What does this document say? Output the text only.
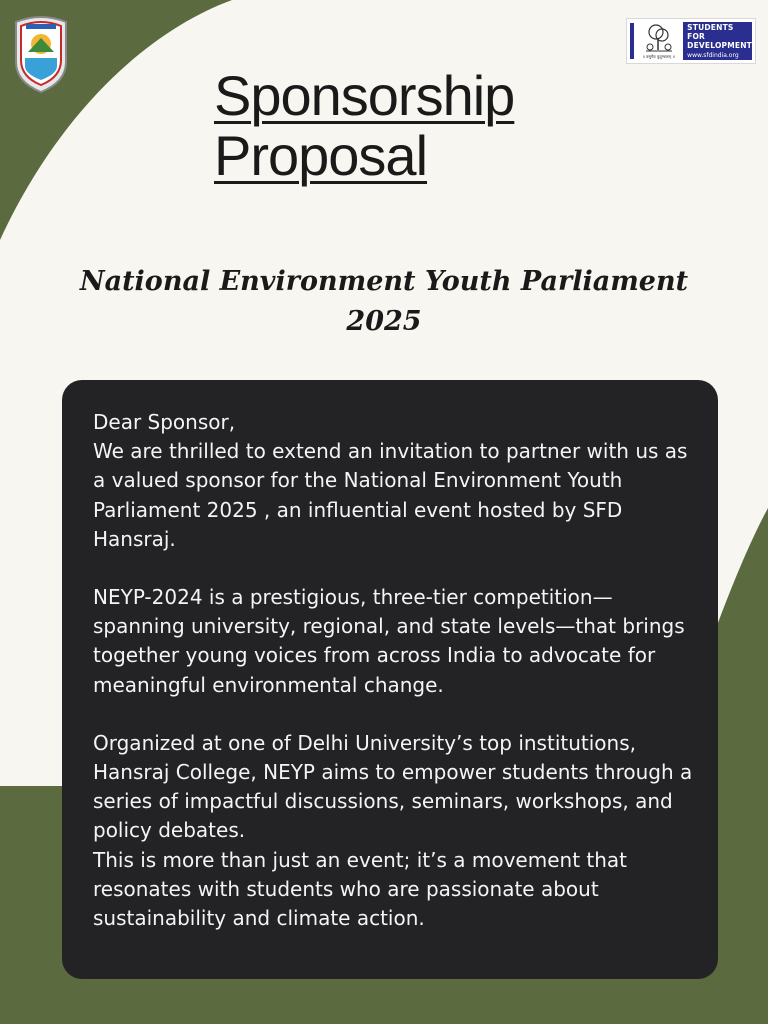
॥ वसुधैव कुटुम्बकम् ॥
STUDENTS FOR
DEVELOPMENT
www.sfdindia.org
Sponsorship
Proposal
National Environment Youth Parliament
2025

Dear Sponsor,

We are thrilled to extend an invitation to partner with us as a valued sponsor for the National Environment Youth Parliament 2025 , an influential event hosted by SFD Hansraj.

NEYP-2024 is a prestigious, three-tier competition—spanning university, regional, and state levels—that brings together young voices from across India to advocate for meaningful environmental change.

Organized at one of Delhi University’s top institutions, Hansraj College, NEYP aims to empower students through a series of impactful discussions, seminars, workshops, and policy debates.

This is more than just an event; it’s a movement that resonates with students who are passionate about sustainability and climate action.
